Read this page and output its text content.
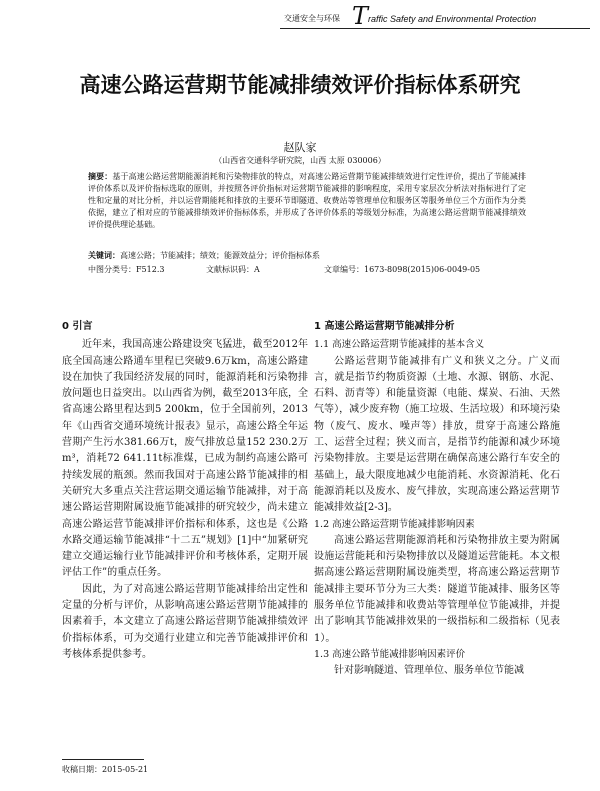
交通安全与环保 T raffic Safety and Environmental Protection
高速公路运营期节能减排绩效评价指标体系研究
赵队家
（山西省交通科学研究院，山西 太原 030006）
摘要：基于高速公路运营期能源消耗和污染物排放的特点，对高速公路运营期节能减排绩效进行定性评价，提出了节能减排评价体系以及评价指标选取的原则，并按照各评价指标对运营期节能减排的影响程度，采用专家层次分析法对指标进行了定性和定量的对比分析，并以运营期能耗和排放的主要环节即隧道、收费站等管理单位和服务区等服务单位三个方面作为分类依据，建立了相对应的节能减排绩效评价指标体系，并形成了各评价体系的等级划分标准，为高速公路运营期节能减排绩效评价提供理论基础。
关键词：高速公路；节能减排；绩效；能源效益分；评价指标体系
中图分类号：F512.3	文献标识码：A	文章编号：1673-8098(2015)06-0049-05
0 引言

近年来，我国高速公路建设突飞猛进，截至2012年底全国高速公路通车里程已突破9.6万km，高速公路建设在加快了我国经济发展的同时，能源消耗和污染物排放问题也日益突出。以山西省为例，截至2013年底，全省高速公路里程达到5 200km，位于全国前列，2013年《山西省交通环境统计报表》显示，高速公路全年运营期产生污水381.66万t，废气排放总量152 230.2万m³，消耗72 641.11t标准煤，已成为制约高速公路可持续发展的瓶颈。然而我国对于高速公路节能减排的相关研究大多重点关注营运期交通运输节能减排，对于高速公路运营期附属设施节能减排的研究较少，尚未建立高速公路运营节能减排评价指标和体系，这也是《公路水路交通运输节能减排“十二五”规划》[1]中“加紧研究建立交通运输行业节能减排评价和考核体系，定期开展评估工作”的重点任务。

因此，为了对高速公路运营期节能减排给出定性和定量的分析与评价，从影响高速公路运营期节能减排的因素着手，本文建立了高速公路运营期节能减排绩效评价指标体系，可为交通行业建立和完善节能减排评价和考核体系提供参考。

1 高速公路运营期节能减排分析
1.1 高速公路运营期节能减排的基本含义

公路运营期节能减排有广义和狭义之分。广义而言，就是指节约物质资源（土地、水源、钢筋、水泥、石料、沥青等）和能量资源（电能、煤炭、石油、天然气等），减少废弃物（施工垃圾、生活垃圾）和环境污染物（废气、废水、噪声等）排放，贯穿于高速公路施工、运营全过程；狭义而言，是指节约能源和减少环境污染物排放。主要是运营期在确保高速公路行车安全的基础上，最大限度地减少电能消耗、水资源消耗、化石能源消耗以及废水、废气排放，实现高速公路运营期节能减排效益[2-3]。

1.2 高速公路运营期节能减排影响因素

高速公路运营期能源消耗和污染物排放主要为附属设施运营能耗和污染物排放以及隧道运营能耗。本文根据高速公路运营期附属设施类型，将高速公路运营期节能减排主要环节分为三大类：隧道节能减排、服务区等服务单位节能减排和收费站等管理单位节能减排，并提出了影响其节能减排效果的一级指标和二级指标（见表1）。

1.3 高速公路节能减排影响因素评价

针对影响隧道、管理单位、服务单位节能减

收稿日期：2015-05-21
